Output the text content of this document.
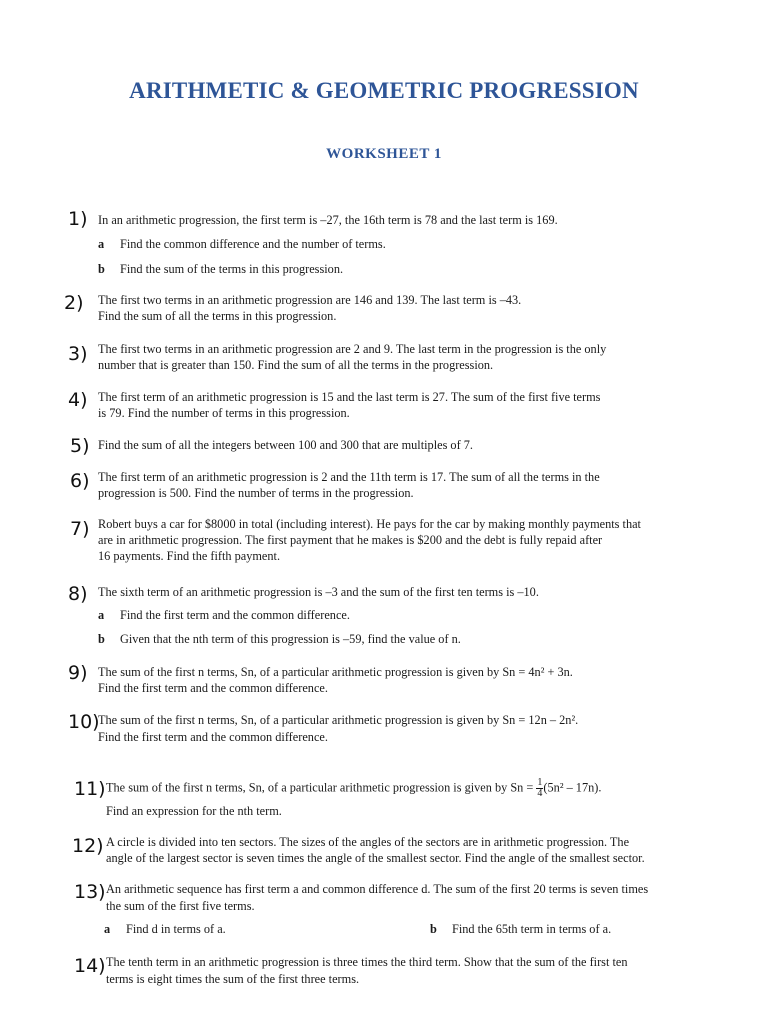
ARITHMETIC & GEOMETRIC PROGRESSION
WORKSHEET 1
1) In an arithmetic progression, the first term is –27, the 16th term is 78 and the last term is 169.
a Find the common difference and the number of terms.
b Find the sum of the terms in this progression.
2) The first two terms in an arithmetic progression are 146 and 139. The last term is –43.
Find the sum of all the terms in this progression.
3) The first two terms in an arithmetic progression are 2 and 9. The last term in the progression is the only
number that is greater than 150. Find the sum of all the terms in the progression.
4) The first term of an arithmetic progression is 15 and the last term is 27. The sum of the first five terms
is 79. Find the number of terms in this progression.
5) Find the sum of all the integers between 100 and 300 that are multiples of 7.
6) The first term of an arithmetic progression is 2 and the 11th term is 17. The sum of all the terms in the
progression is 500. Find the number of terms in the progression.
7) Robert buys a car for $8000 in total (including interest). He pays for the car by making monthly payments that
are in arithmetic progression. The first payment that he makes is $200 and the debt is fully repaid after
16 payments. Find the fifth payment.
8) The sixth term of an arithmetic progression is –3 and the sum of the first ten terms is –10.
a Find the first term and the common difference.
b Given that the nth term of this progression is –59, find the value of n.
9) The sum of the first n terms, Sn, of a particular arithmetic progression is given by Sn = 4n² + 3n.
Find the first term and the common difference.
10)
The sum of the first n terms, Sn, of a particular arithmetic progression is given by Sn = 12n – 2n².
Find the first term and the common difference.
11) The sum of the first n terms, Sn, of a particular arithmetic progression is given by $Sn = \frac{1}{4} (5n^2 - 17n)$.
Find an expression for the nth term.
12) A circle is divided into ten sectors. The sizes of the angles of the sectors are in arithmetic progression. The
angle of the largest sector is seven times the angle of the smallest sector. Find the angle of the smallest sector.
13) An arithmetic sequence has first term a and common difference d. The sum of the first 20 terms is seven times
the sum of the first five terms.
a Find d in terms of a.	b Find the 65th term in terms of a.
14) The tenth term in an arithmetic progression is three times the third term. Show that the sum of the first ten
terms is eight times the sum of the first three terms.
